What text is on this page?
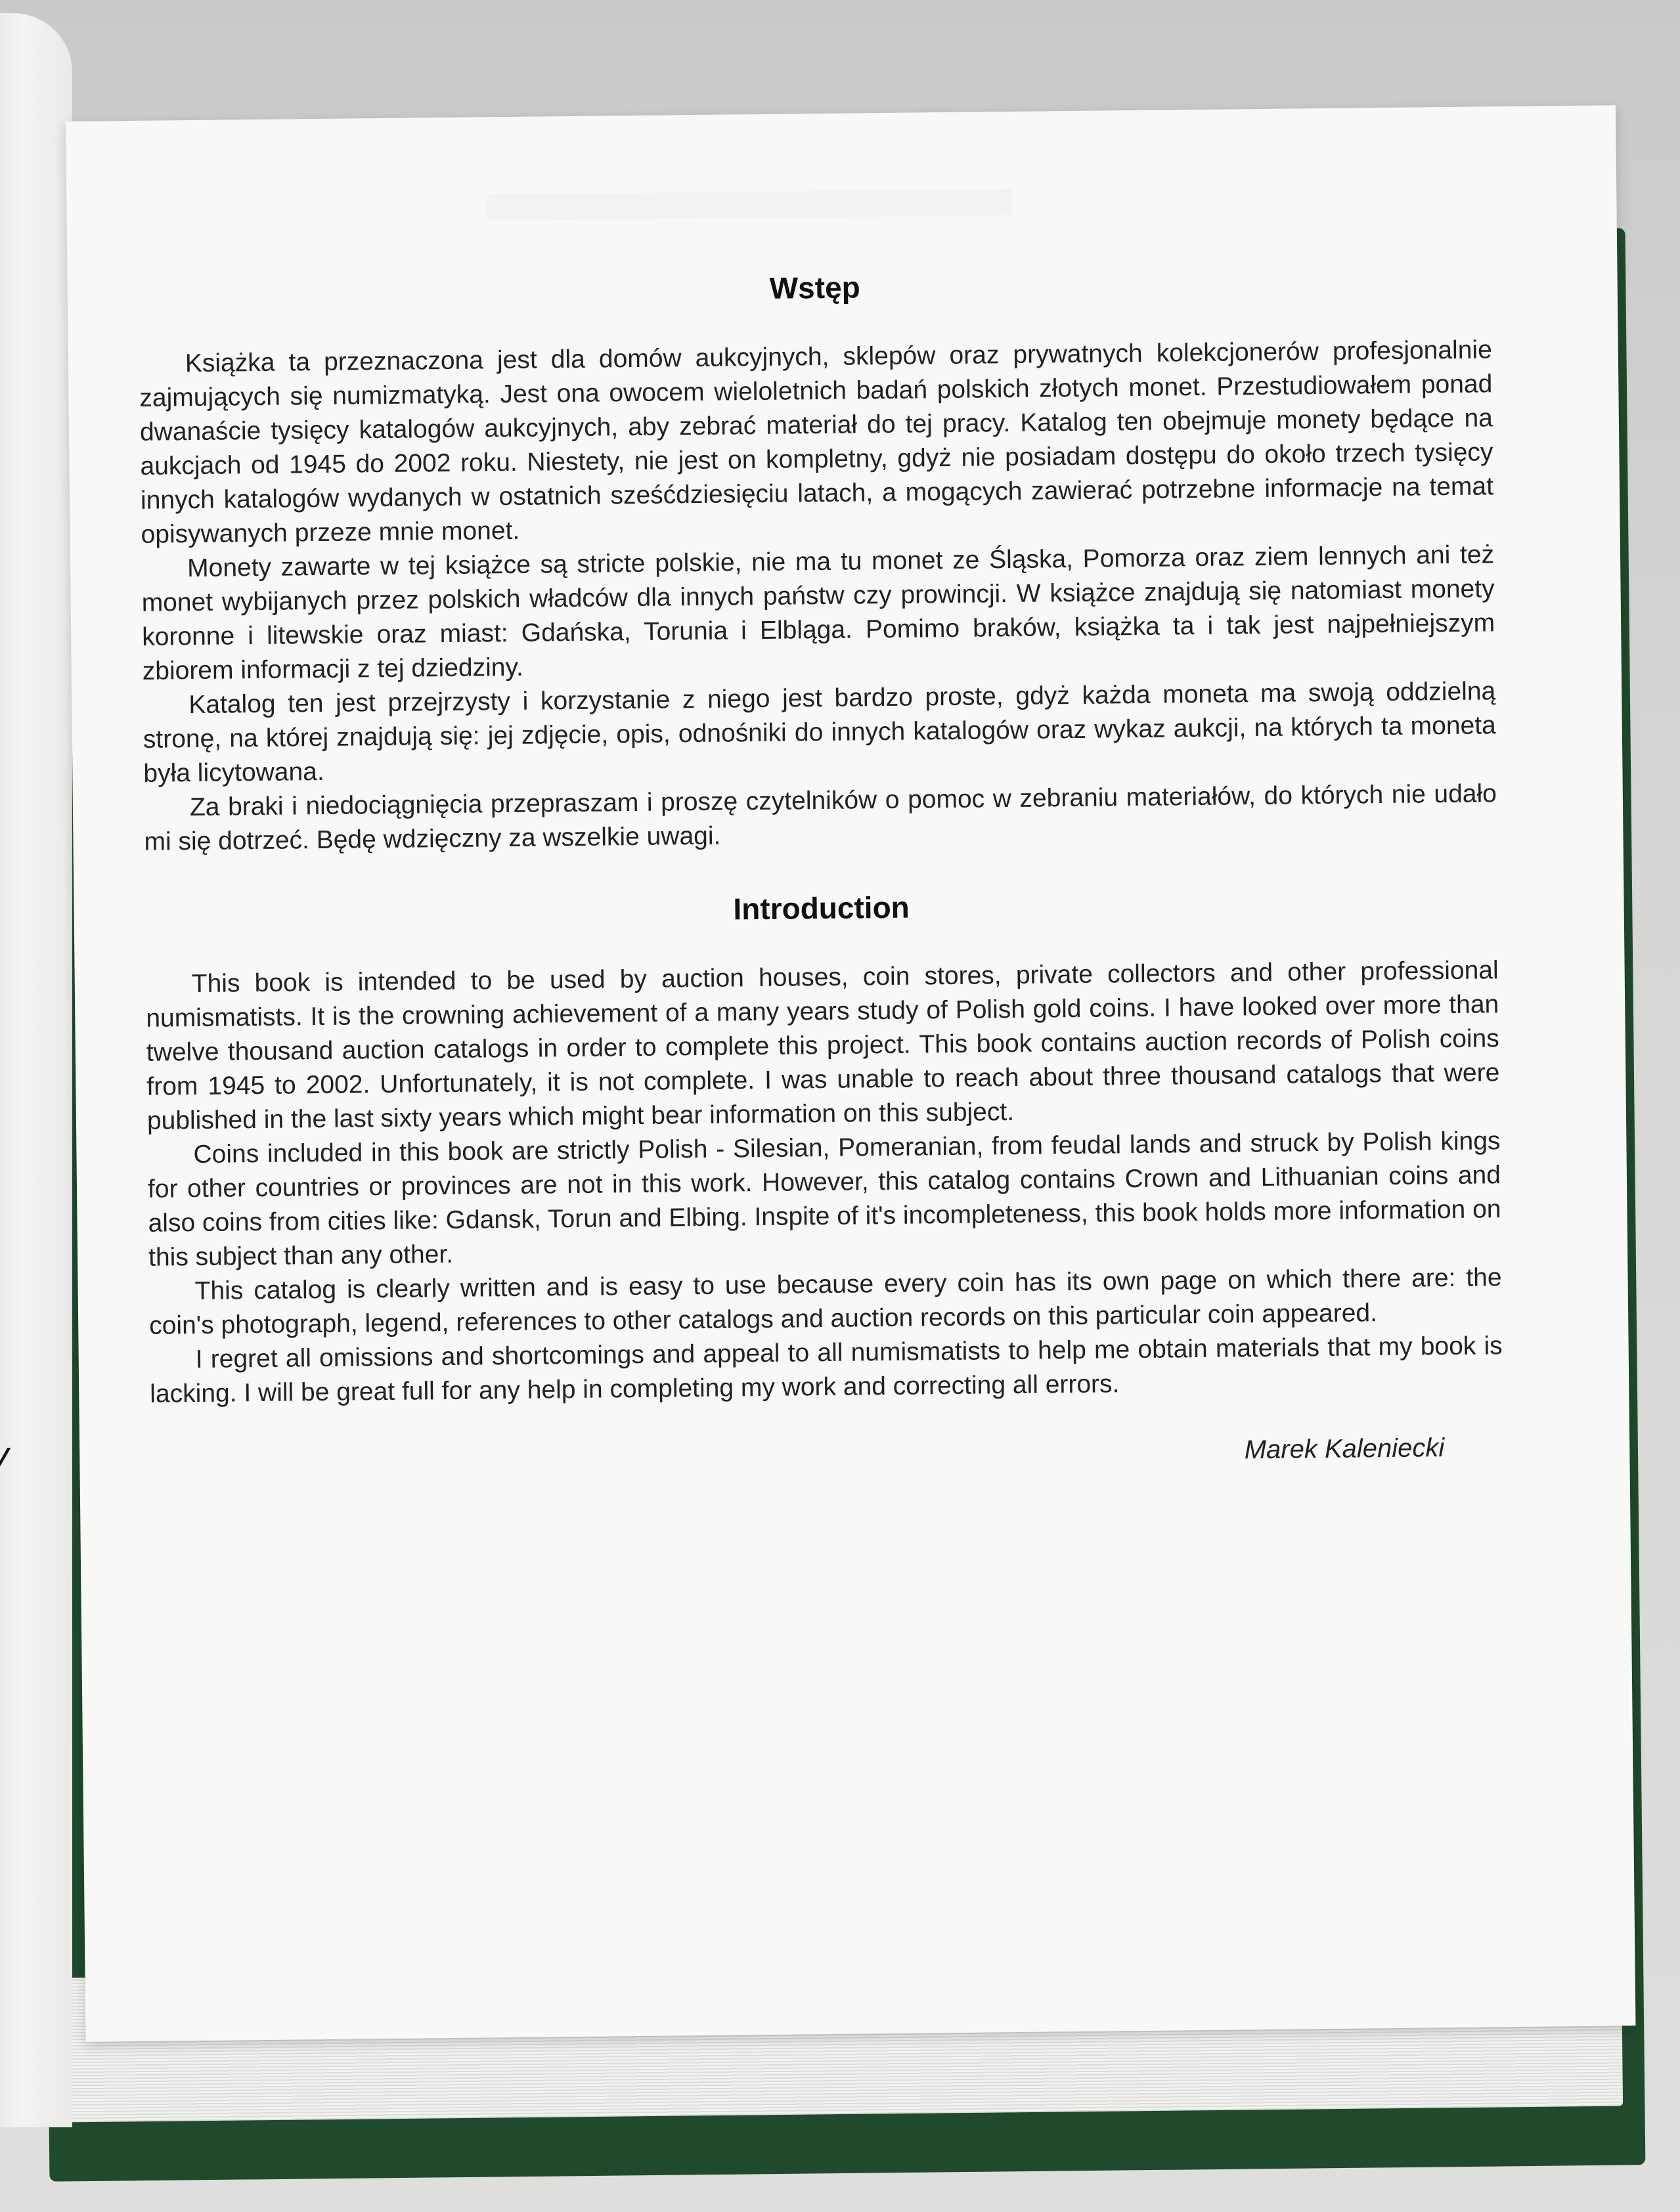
Wstęp

Książka ta przeznaczona jest dla domów aukcyjnych, sklepów oraz prywatnych kolekcjonerów profesjonalnie zajmujących się numizmatyką. Jest ona owocem wieloletnich badań polskich złotych monet. Przestudiowałem ponad dwanaście tysięcy katalogów aukcyjnych, aby zebrać materiał do tej pracy. Katalog ten obejmuje monety będące na aukcjach od 1945 do 2002 roku. Niestety, nie jest on kompletny, gdyż nie posiadam dostępu do około trzech tysięcy innych katalogów wydanych w ostatnich sześćdziesięciu latach, a mogących zawierać potrzebne informacje na temat opisywanych przeze mnie monet.

Monety zawarte w tej książce są stricte polskie, nie ma tu monet ze Śląska, Pomorza oraz ziem lennych ani też monet wybijanych przez polskich władców dla innych państw czy prowincji. W książce znajdują się natomiast monety koronne i litewskie oraz miast: Gdańska, Torunia i Elbląga. Pomimo braków, książka ta i tak jest najpełniejszym zbiorem informacji z tej dziedziny.

Katalog ten jest przejrzysty i korzystanie z niego jest bardzo proste, gdyż każda moneta ma swoją oddzielną stronę, na której znajdują się: jej zdjęcie, opis, odnośniki do innych katalogów oraz wykaz aukcji, na których ta moneta była licytowana.

Za braki i niedociągnięcia przepraszam i proszę czytelników o pomoc w zebraniu materiałów, do których nie udało mi się dotrzeć. Będę wdzięczny za wszelkie uwagi.

Introduction

This book is intended to be used by auction houses, coin stores, private collectors and other professional numismatists. It is the crowning achievement of a many years study of Polish gold coins. I have looked over more than twelve thousand auction catalogs in order to complete this project. This book contains auction records of Polish coins from 1945 to 2002. Unfortunately, it is not complete. I was unable to reach about three thousand catalogs that were published in the last sixty years which might bear information on this subject.

Coins included in this book are strictly Polish - Silesian, Pomeranian, from feudal lands and struck by Polish kings for other countries or provinces are not in this work. However, this catalog contains Crown and Lithuanian coins and also coins from cities like: Gdansk, Torun and Elbing. Inspite of it's incompleteness, this book holds more information on this subject than any other.

This catalog is clearly written and is easy to use because every coin has its own page on which there are: the coin's photograph, legend, references to other catalogs and auction records on this particular coin appeared.

I regret all omissions and shortcomings and appeal to all numismatists to help me obtain materials that my book is lacking. I will be great full for any help in completing my work and correcting all errors.

Marek Kaleniecki
